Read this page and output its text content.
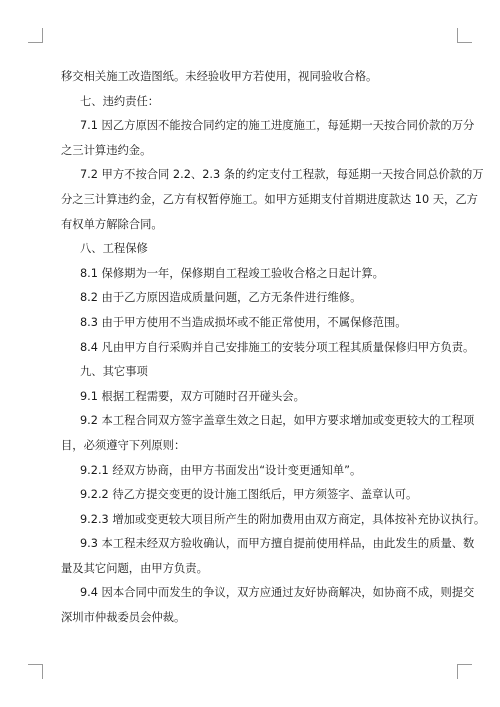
移交相关施工改造图纸。未经验收甲方若使用，视同验收合格。

七、违约责任：

7.1 因乙方原因不能按合同约定的施工进度施工，每延期一天按合同价款的万分

之三计算违约金。

7.2 甲方不按合同 2.2、2.3 条的约定支付工程款，每延期一天按合同总价款的万

分之三计算违约金，乙方有权暂停施工。如甲方延期支付首期进度款达 10 天，乙方

有权单方解除合同。

八、工程保修

8.1 保修期为一年，保修期自工程竣工验收合格之日起计算。

8.2 由于乙方原因造成质量问题，乙方无条件进行维修。

8.3 由于甲方使用不当造成损坏或不能正常使用，不属保修范围。

8.4 凡由甲方自行采购并自己安排施工的安装分项工程其质量保修归甲方负责。

九、其它事项

9.1 根据工程需要，双方可随时召开碰头会。

9.2 本工程合同双方签字盖章生效之日起，如甲方要求增加或变更较大的工程项

目，必须遵守下列原则：

9.2.1 经双方协商，由甲方书面发出“设计变更通知单”。

9.2.2 待乙方提交变更的设计施工图纸后，甲方须签字、盖章认可。

9.2.3 增加或变更较大项目所产生的附加费用由双方商定，具体按补充协议执行。

9.3 本工程未经双方验收确认，而甲方擅自提前使用样品，由此发生的质量、数

量及其它问题，由甲方负责。

9.4 因本合同中而发生的争议，双方应通过友好协商解决，如协商不成，则提交

深圳市仲裁委员会仲裁。
